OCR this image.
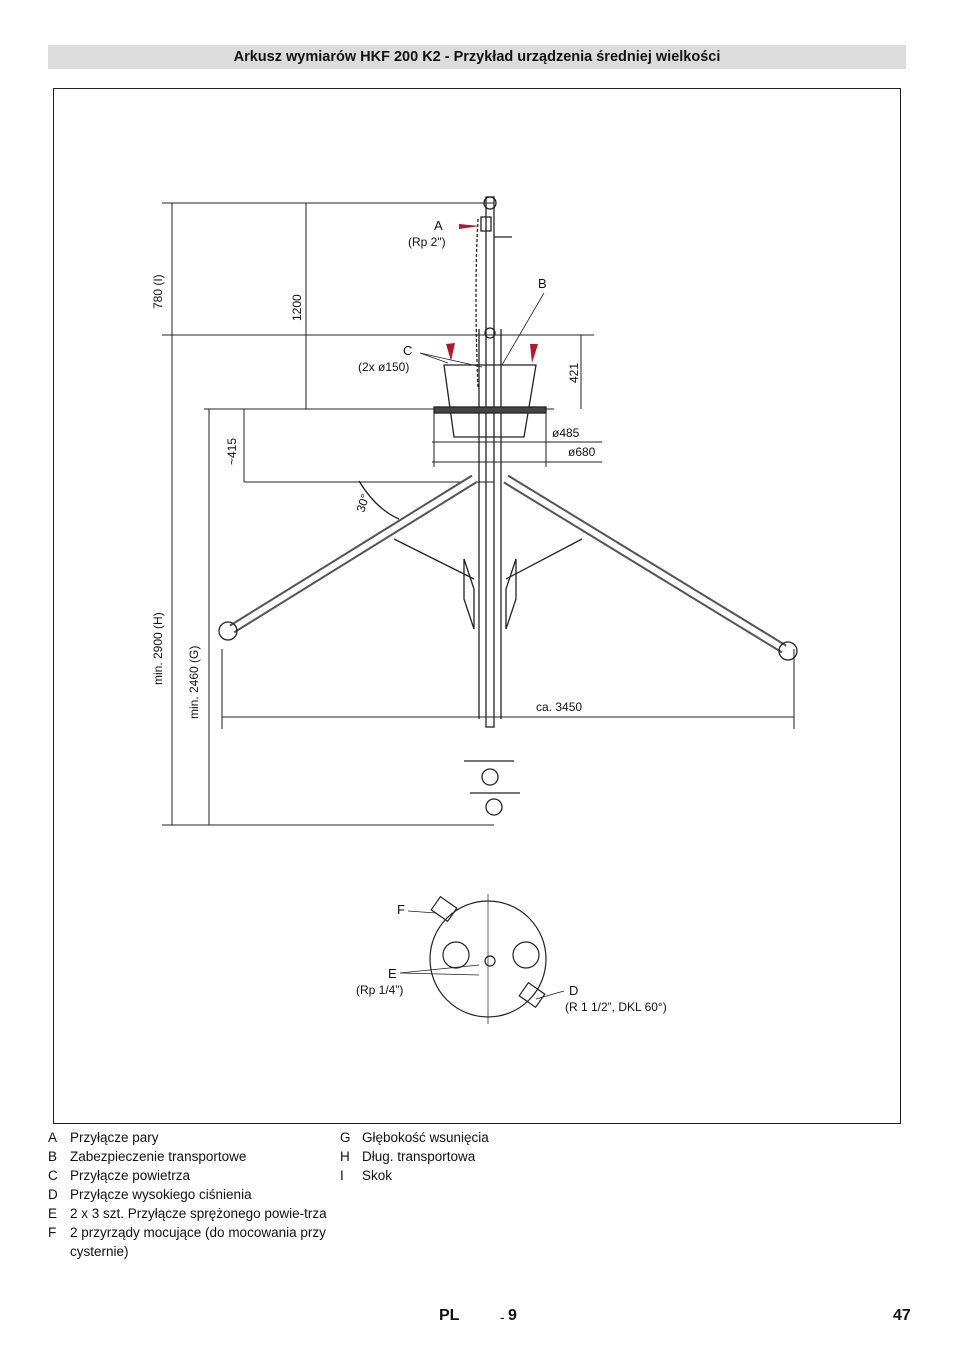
Arkusz wymiarów HKF 200 K2 - Przykład urządzenia średniej wielkości
A
(Rp 2")
B
C
(2x ø150)
780 (I)	1200
421
~415
ø485
ø680
30°
min. 2900 (H) min. 2460 (G)	ca. 3450
F
E
(Rp 1/4”)	D
(R 1 1/2”, DKL 60°)
A Przyłącze pary
B Zabezpieczenie transportowe
C Przyłącze powietrza
D Przyłącze wysokiego ciśnienia
E 2 x 3 szt. Przyłącze sprężonego powie-trza
F	2 przyrządy mocujące (do mocowania przy cysternie)
G Głębokość wsunięcia
H Dług. transportowa
I	Skok
PL	- 9	47
